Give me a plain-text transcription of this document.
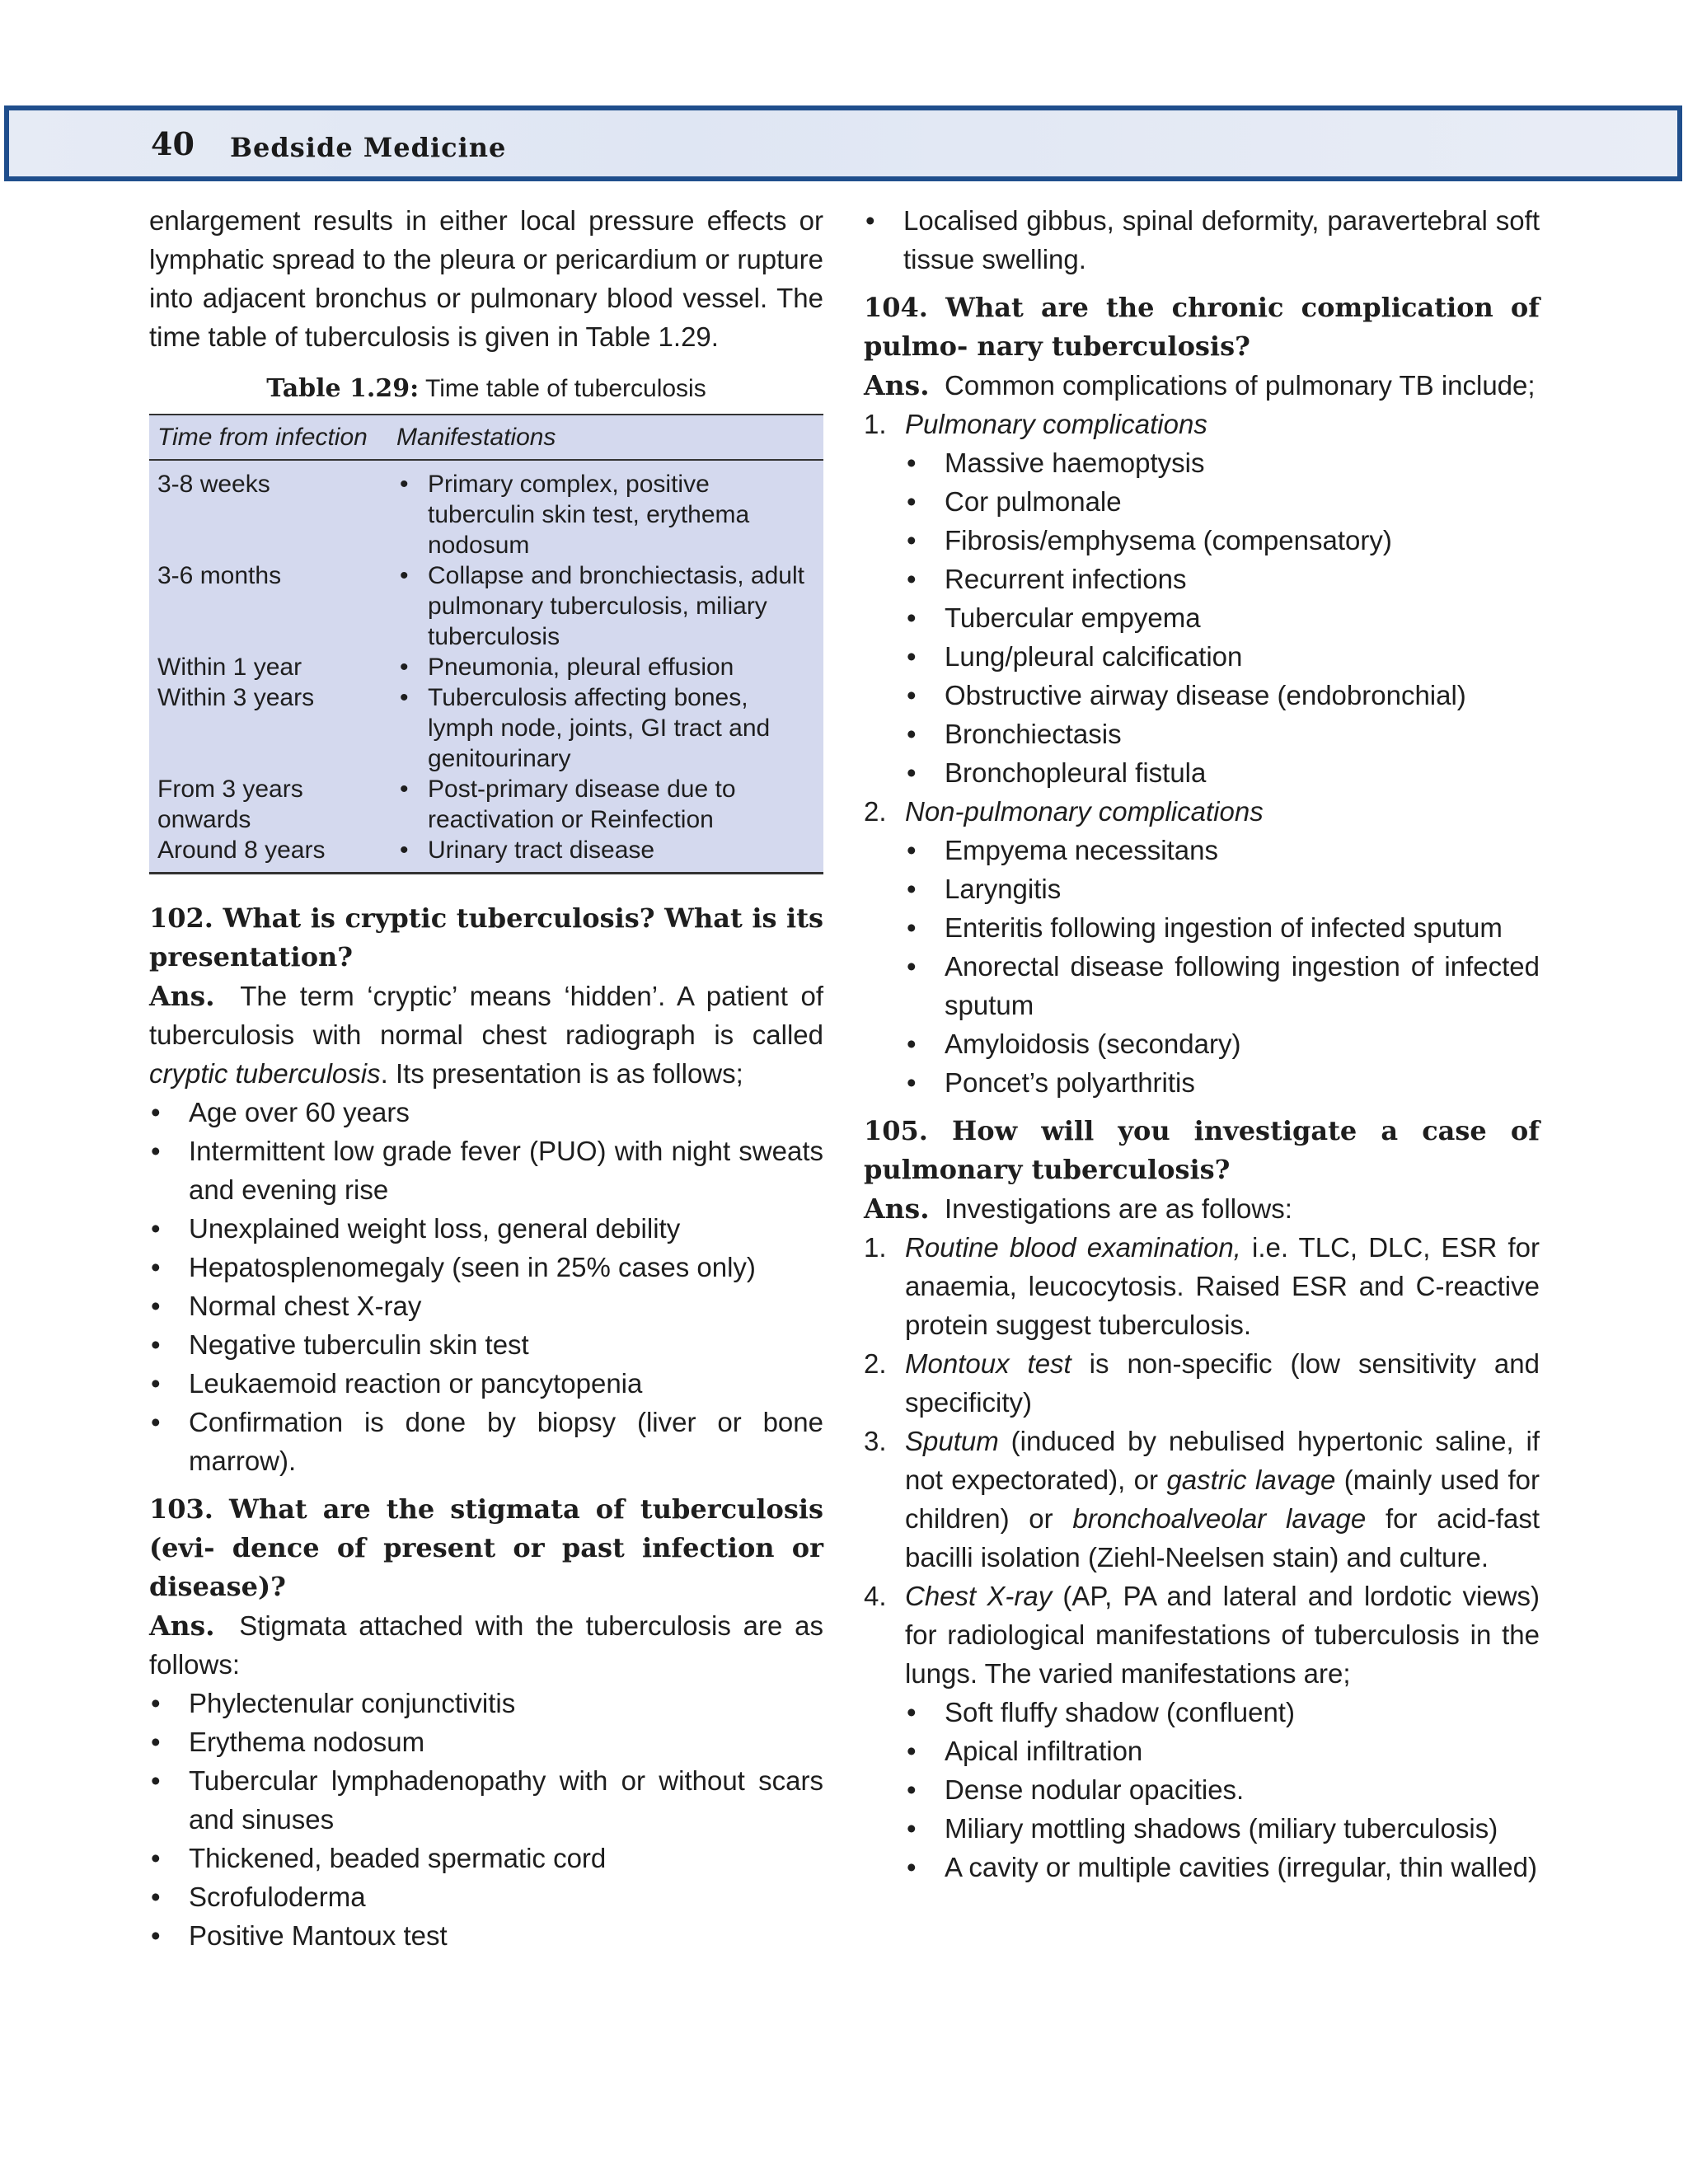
40 Bedside Medicine

enlargement results in either local pressure effects or lymphatic spread to the pleura or pericardium or rupture into adjacent bronchus or pulmonary blood vessel. The time table of tuberculosis is given in Table 1.29.

Table 1.29: Time table of tuberculosis
Time from infection	Manifestations
3-8 weeks	• Primary complex, positive tuberculin skin test, erythema nodosum

3-6 months	• Collapse and bronchiectasis, adult pulmonary tuberculosis, miliary tuberculosis

Within 1 year	• Pneumonia, pleural effusion

Within 3 years	• Tuberculosis affecting bones, lymph node, joints, GI tract and genitourinary

From 3 years onwards	• Post-primary disease due to reactivation or Reinfection

Around 8 years	• Urinary tract disease
102. What is cryptic tuberculosis? What is its presentation?

Ans. The term ‘cryptic’ means ‘hidden’. A patient of tuberculosis with normal chest radiograph is called cryptic tuberculosis. Its presentation is as follows;

• Age over 60 years
• Intermittent low grade fever (PUO) with night sweats and evening rise
• Unexplained weight loss, general debility
• Hepatosplenomegaly (seen in 25% cases only)
• Normal chest X-ray
• Negative tuberculin skin test
• Leukaemoid reaction or pancytopenia
• Confirmation is done by biopsy (liver or bone marrow).
103. What are the stigmata of tuberculosis (evi- dence of present or past infection or disease)?

Ans. Stigmata attached with the tuberculosis are as follows:

• Phylectenular conjunctivitis
• Erythema nodosum
• Tubercular lymphadenopathy with or without scars and sinuses
• Thickened, beaded spermatic cord
• Scrofuloderma
• Positive Mantoux test
• Localised gibbus, spinal deformity, paravertebral soft tissue swelling.
104. What are the chronic complication of pulmo- nary tuberculosis?

Ans. Common complications of pulmonary TB include;

1. Pulmonary complications
• Massive haemoptysis
• Cor pulmonale
• Fibrosis/emphysema (compensatory)
• Recurrent infections
• Tubercular empyema
• Lung/pleural calcification
• Obstructive airway disease (endobronchial)
• Bronchiectasis
• Bronchopleural fistula
2. Non-pulmonary complications
• Empyema necessitans
• Laryngitis
• Enteritis following ingestion of infected sputum
• Anorectal disease following ingestion of infected sputum
• Amyloidosis (secondary)
• Poncet’s polyarthritis
105. How will you investigate a case of pulmonary tuberculosis?

Ans. Investigations are as follows:

1. Routine blood examination, i.e. TLC, DLC, ESR for anaemia, leucocytosis. Raised ESR and C-reactive protein suggest tuberculosis.
2. Montoux test is non-specific (low sensitivity and specificity)
3. Sputum (induced by nebulised hypertonic saline, if not expectorated), or gastric lavage (mainly used for children) or bronchoalveolar lavage for acid-fast bacilli isolation (Ziehl-Neelsen stain) and culture.
4. Chest X-ray (AP, PA and lateral and lordotic views) for radiological manifestations of tuberculosis in the lungs. The varied manifestations are;
• Soft fluffy shadow (confluent)
• Apical infiltration
• Dense nodular opacities.
• Miliary mottling shadows (miliary tuberculosis)
• A cavity or multiple cavities (irregular, thin walled)
